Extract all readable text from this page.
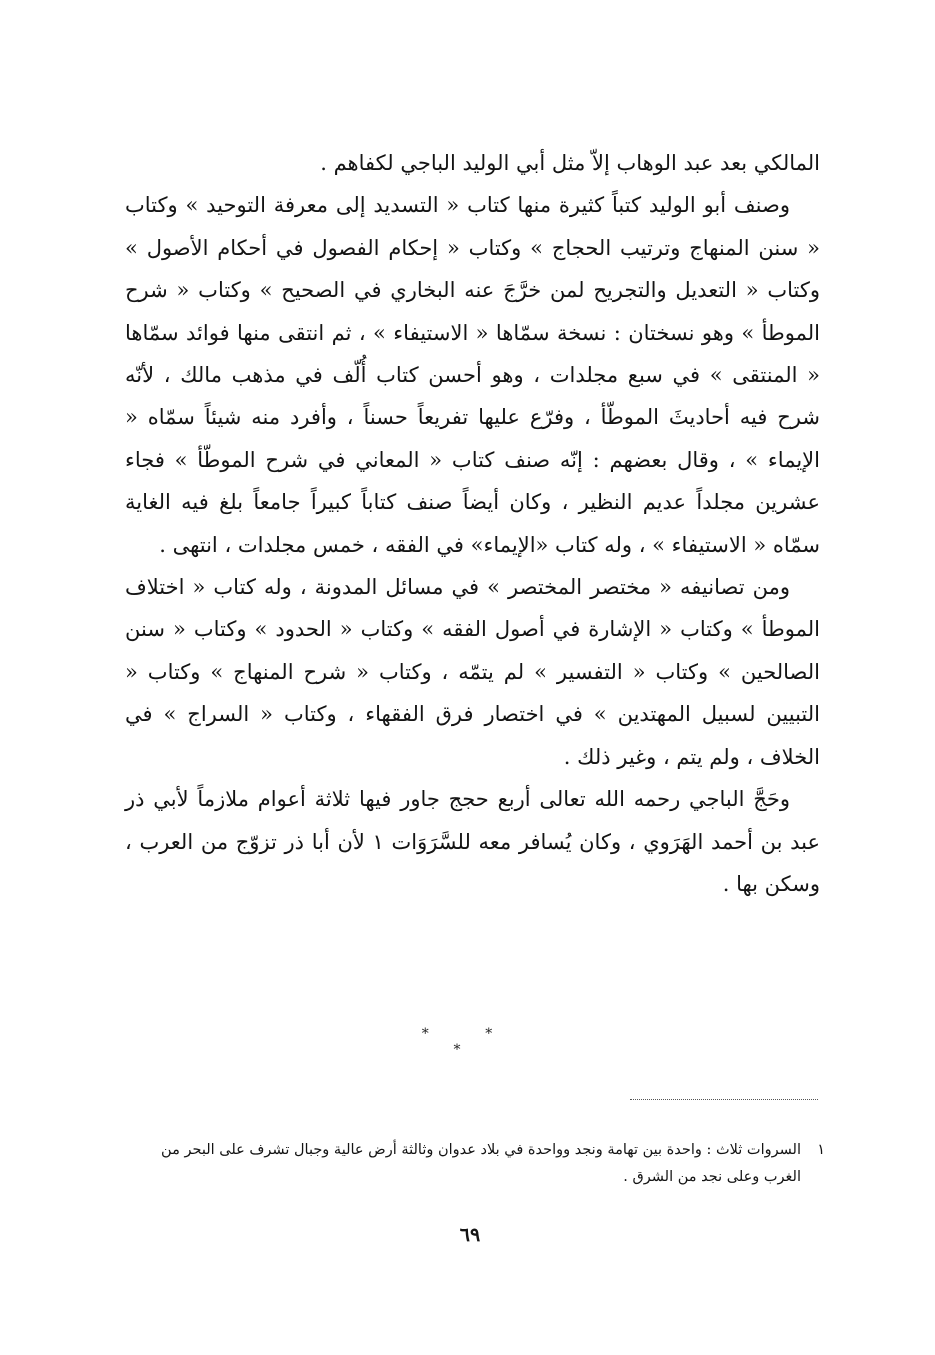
المالكي بعد عبد الوهاب إلاّ مثل أبي الوليد الباجي لكفاهم .

وصنف أبو الوليد كتباً كثيرة منها كتاب « التسديد إلى معرفة التوحيد » وكتاب « سنن المنهاج وترتيب الحجاج » وكتاب « إحكام الفصول في أحكام الأصول » وكتاب « التعديل والتجريح لمن خرَّجَ عنه البخاري في الصحيح » وكتاب « شرح الموطأ » وهو نسختان : نسخة سمّاها « الاستيفاء » ، ثم انتقى منها فوائد سمّاها « المنتقى » في سبع مجلدات ، وهو أحسن كتاب أُلّف في مذهب مالك ، لأنّه شرح فيه أحاديثَ الموطّأ ، وفرّع عليها تفريعاً حسناً ، وأفرد منه شيئاً سمّاه « الإيماء » ، وقال بعضهم : إنّه صنف كتاب « المعاني في شرح الموطّأ » فجاء عشرين مجلداً عديم النظير ، وكان أيضاً صنف كتاباً كبيراً جامعاً بلغ فيه الغاية سمّاه « الاستيفاء » ، وله كتاب «الإيماء» في الفقه ، خمس مجلدات ، انتهى .

ومن تصانيفه « مختصر المختصر » في مسائل المدونة ، وله كتاب « اختلاف الموطأ » وكتاب « الإشارة في أصول الفقه » وكتاب « الحدود » وكتاب « سنن الصالحين » وكتاب « التفسير » لم يتمّه ، وكتاب « شرح المنهاج » وكتاب « التبيين لسبيل المهتدين » في اختصار فرق الفقهاء ، وكتاب « السراج » في الخلاف ، ولم يتم ، وغير ذلك .

وحَجَّ الباجي رحمه الله تعالى أربع حجج جاور فيها ثلاثة أعوام ملازماً لأبي ذر عبد بن أحمد الهَرَوي ، وكان يُسافر معه للسَّرَوَات ١ لأن أبا ذر تزوّج من العرب ، وسكن بها .

* * *
١
السروات ثلاث : واحدة بين تهامة ونجد وواحدة في بلاد عدوان وثالثة أرض عالية وجبال تشرف على البحر من الغرب وعلى نجد من الشرق .
٦٩
